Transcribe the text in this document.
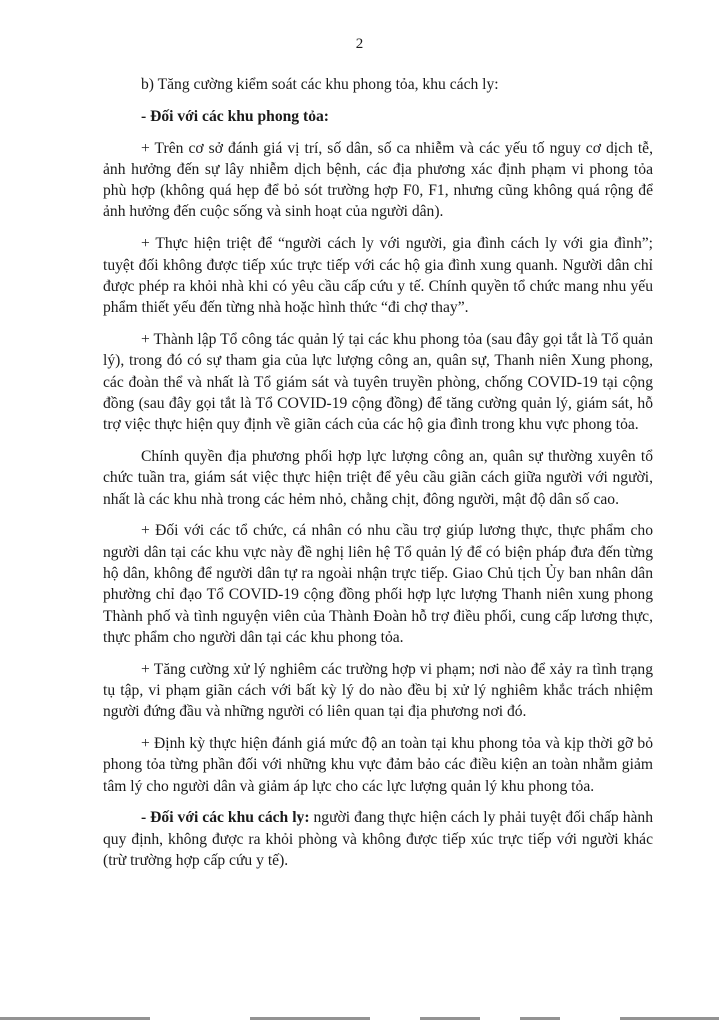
2

b) Tăng cường kiểm soát các khu phong tỏa, khu cách ly:

- Đối với các khu phong tỏa:

+ Trên cơ sở đánh giá vị trí, số dân, số ca nhiễm và các yếu tố nguy cơ dịch tễ, ảnh hưởng đến sự lây nhiễm dịch bệnh, các địa phương xác định phạm vi phong tỏa phù hợp (không quá hẹp để bỏ sót trường hợp F0, F1, nhưng cũng không quá rộng để ảnh hưởng đến cuộc sống và sinh hoạt của người dân).

+ Thực hiện triệt để “người cách ly với người, gia đình cách ly với gia đình”; tuyệt đối không được tiếp xúc trực tiếp với các hộ gia đình xung quanh. Người dân chỉ được phép ra khỏi nhà khi có yêu cầu cấp cứu y tế. Chính quyền tổ chức mang nhu yếu phẩm thiết yếu đến từng nhà hoặc hình thức “đi chợ thay”.

+ Thành lập Tổ công tác quản lý tại các khu phong tỏa (sau đây gọi tắt là Tổ quản lý), trong đó có sự tham gia của lực lượng công an, quân sự, Thanh niên Xung phong, các đoàn thể và nhất là Tổ giám sát và tuyên truyền phòng, chống COVID-19 tại cộng đồng (sau đây gọi tắt là Tổ COVID-19 cộng đồng) để tăng cường quản lý, giám sát, hỗ trợ việc thực hiện quy định về giãn cách của các hộ gia đình trong khu vực phong tỏa.

Chính quyền địa phương phối hợp lực lượng công an, quân sự thường xuyên tổ chức tuần tra, giám sát việc thực hiện triệt để yêu cầu giãn cách giữa người với người, nhất là các khu nhà trong các hẻm nhỏ, chằng chịt, đông người, mật độ dân số cao.

+ Đối với các tổ chức, cá nhân có nhu cầu trợ giúp lương thực, thực phẩm cho người dân tại các khu vực này đề nghị liên hệ Tổ quản lý để có biện pháp đưa đến từng hộ dân, không để người dân tự ra ngoài nhận trực tiếp. Giao Chủ tịch Ủy ban nhân dân phường chỉ đạo Tổ COVID-19 cộng đồng phối hợp lực lượng Thanh niên xung phong Thành phố và tình nguyện viên của Thành Đoàn hỗ trợ điều phối, cung cấp lương thực, thực phẩm cho người dân tại các khu phong tỏa.

+ Tăng cường xử lý nghiêm các trường hợp vi phạm; nơi nào để xảy ra tình trạng tụ tập, vi phạm giãn cách với bất kỳ lý do nào đều bị xử lý nghiêm khắc trách nhiệm người đứng đầu và những người có liên quan tại địa phương nơi đó.

+ Định kỳ thực hiện đánh giá mức độ an toàn tại khu phong tỏa và kịp thời gỡ bỏ phong tỏa từng phần đối với những khu vực đảm bảo các điều kiện an toàn nhằm giảm tâm lý cho người dân và giảm áp lực cho các lực lượng quản lý khu phong tỏa.

- Đối với các khu cách ly: người đang thực hiện cách ly phải tuyệt đối chấp hành quy định, không được ra khỏi phòng và không được tiếp xúc trực tiếp với người khác (trừ trường hợp cấp cứu y tế).
